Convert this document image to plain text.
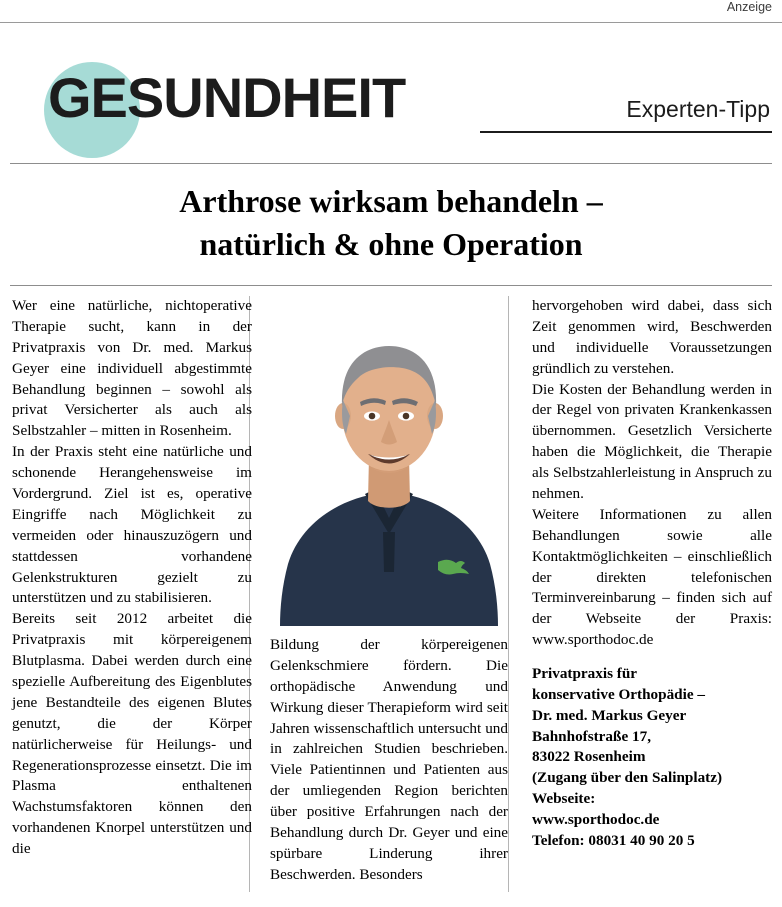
Anzeige
GESUNDHEIT	Experten-Tipp
Arthrose wirksam behandeln –
natürlich & ohne Operation

Wer eine natürliche, nichtoperative Therapie sucht, kann in der Privatpraxis von Dr. med. Markus Geyer eine individuell abgestimmte Behandlung beginnen – sowohl als privat Versicherter als auch als Selbstzahler – mitten in Rosenheim.

In der Praxis steht eine natürliche und schonende Herangehensweise im Vordergrund. Ziel ist es, operative Eingriffe nach Möglichkeit zu vermeiden oder hinauszuzögern und stattdessen vorhandene Gelenkstrukturen gezielt zu unterstützen und zu stabilisieren.

Bereits seit 2012 arbeitet die Privatpraxis mit körpereigenem Blutplasma. Dabei werden durch eine spezielle Aufbereitung des Eigenblutes jene Bestandteile des eigenen Blutes genutzt, die der Körper natürlicherweise für Heilungs- und Regenerationsprozesse einsetzt. Die im Plasma enthaltenen Wachstumsfaktoren können den vorhandenen Knorpel unterstützen und die

Bildung der körpereigenen Gelenkschmiere fördern. Die orthopädische Anwendung und Wirkung dieser Therapieform wird seit Jahren wissenschaftlich untersucht und in zahlreichen Studien beschrieben. Viele Patientinnen und Patienten aus der umliegenden Region berichten über positive Erfahrungen nach der Behandlung durch Dr. Geyer und eine spürbare Linderung ihrer Beschwerden. Besonders

hervorgehoben wird dabei, dass sich Zeit genommen wird, Beschwerden und individuelle Voraussetzungen gründlich zu verstehen.

Die Kosten der Behandlung werden in der Regel von privaten Krankenkassen übernommen. Gesetzlich Versicherte haben die Möglichkeit, die Therapie als Selbstzahlerleistung in Anspruch zu nehmen.

Weitere Informationen zu allen Behandlungen sowie alle Kontaktmöglichkeiten – einschließlich der direkten telefonischen Terminvereinbarung – finden sich auf der Webseite der Praxis: www.sporthodoc.de

Privatpraxis für
konservative Orthopädie –
Dr. med. Markus Geyer
Bahnhofstraße 17,
83022 Rosenheim
(Zugang über den Salinplatz)
Webseite:
www.sporthodoc.de
Telefon: 08031 40 90 20 5
